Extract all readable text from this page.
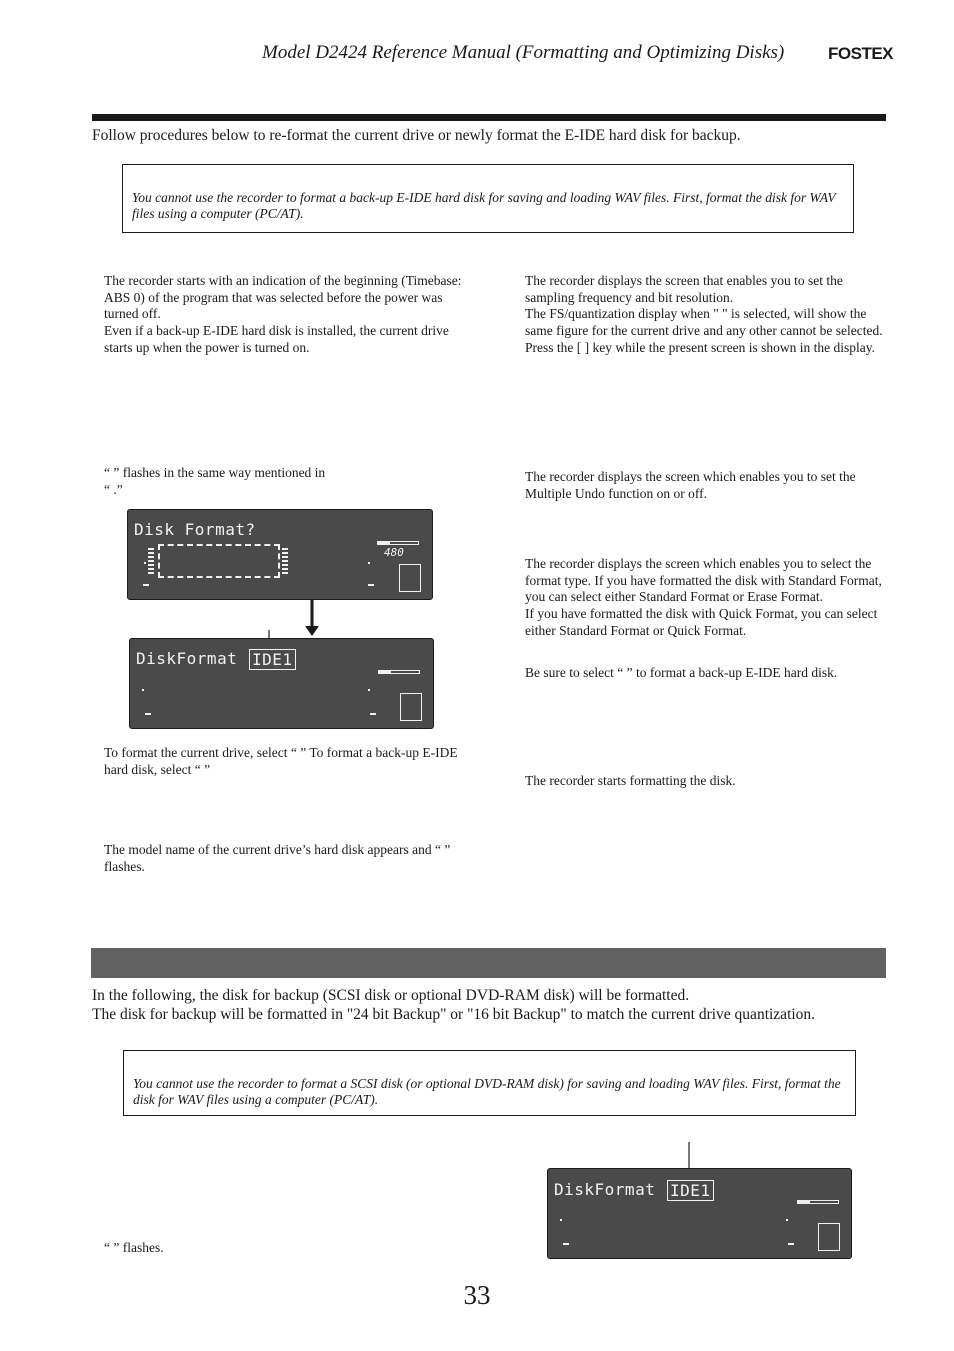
Model D2424 Reference Manual (Formatting and Optimizing Disks)	FOSTEX
Follow procedures below to re-format the current drive or newly format the E-IDE hard disk for backup.
You cannot use the recorder to format a back-up E-IDE hard disk for saving and loading WAV files. First, format the disk for WAV files using a computer (PC/AT).

The recorder starts with an indication of the beginning (Timebase: ABS 0) of the program that was selected before the power was turned off.

Even if a back-up E-IDE hard disk is installed, the current drive starts up when the power is turned on.

“ ” flashes in the same way mentioned in

“ .”

Disk Format?
480
DiskFormat IDE1

To format the current drive, select “ ” To format a back-up E-IDE hard disk, select “ ”

The model name of the current drive’s hard disk appears and “ ” flashes.

The recorder displays the screen that enables you to set the sampling frequency and bit resolution.

The FS/quantization display when " " is selected, will show the same figure for the current drive and any other cannot be selected.

Press the [ ] key while the present screen is shown in the display.

The recorder displays the screen which enables you to set the Multiple Undo function on or off.

The recorder displays the screen which enables you to select the format type. If you have formatted the disk with Standard Format, you can select either Standard Format or Erase Format.

If you have formatted the disk with Quick Format, you can select either Standard Format or Quick Format.

Be sure to select “ ” to format a back-up E-IDE hard disk.

The recorder starts formatting the disk.

In the following, the disk for backup (SCSI disk or optional DVD-RAM disk) will be formatted.
The disk for backup will be formatted in "24 bit Backup" or "16 bit Backup" to match the current drive quantization.
You cannot use the recorder to format a SCSI disk (or optional DVD-RAM disk) for saving and loading WAV files. First, format the disk for WAV files using a computer (PC/AT).
DiskFormat IDE1

“ ” flashes.

33
